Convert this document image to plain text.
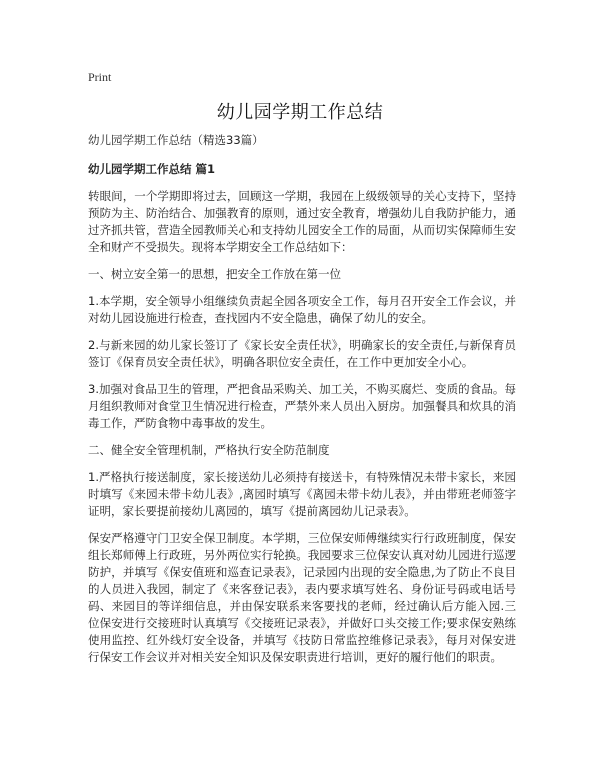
Print
幼儿园学期工作总结

幼儿园学期工作总结（精选33篇）

幼儿园学期工作总结 篇1

转眼间，一个学期即将过去，回顾这一学期，我园在上级级领导的关心支持下，坚持预防为主、防治结合、加强教育的原则，通过安全教育，增强幼儿自我防护能力，通过齐抓共管，营造全园教师关心和支持幼儿园安全工作的局面，从而切实保障师生安全和财产不受损失。现将本学期安全工作总结如下：

一、树立安全第一的思想，把安全工作放在第一位

1.本学期，安全领导小组继续负责起全园各项安全工作，每月召开安全工作会议，并对幼儿园设施进行检查，查找园内不安全隐患，确保了幼儿的安全。

2.与新来园的幼儿家长签订了《家长安全责任状》，明确家长的安全责任,与新保育员签订《保育员安全责任状》，明确各职位安全责任，在工作中更加安全小心。

3.加强对食品卫生的管理，严把食品采购关、加工关，不购买腐烂、变质的食品。每月组织教师对食堂卫生情况进行检查，严禁外来人员出入厨房。加强餐具和炊具的消毒工作，严防食物中毒事故的发生。

二、健全安全管理机制，严格执行安全防范制度

1.严格执行接送制度，家长接送幼儿必须持有接送卡，有特殊情况未带卡家长，来园时填写《来园未带卡幼儿表》,离园时填写《离园未带卡幼儿表》，并由带班老师签字证明，家长要提前接幼儿离园的，填写《提前离园幼儿记录表》。

保安严格遵守门卫安全保卫制度。本学期，三位保安师傅继续实行行政班制度，保安组长郑师傅上行政班，另外两位实行轮换。我园要求三位保安认真对幼儿园进行巡逻防护，并填写《保安值班和巡查记录表》，记录园内出现的安全隐患,为了防止不良目的人员进入我园，制定了《来客登记表》，表内要求填写姓名、身份证号码或电话号码、来园目的等详细信息，并由保安联系来客要找的老师，经过确认后方能入园.三位保安进行交接班时认真填写《交接班记录表》，并做好口头交接工作;要求保安熟练使用监控、红外线灯安全设备，并填写《技防日常监控维修记录表》，每月对保安进行保安工作会议并对相关安全知识及保安职责进行培训，更好的履行他们的职责。
